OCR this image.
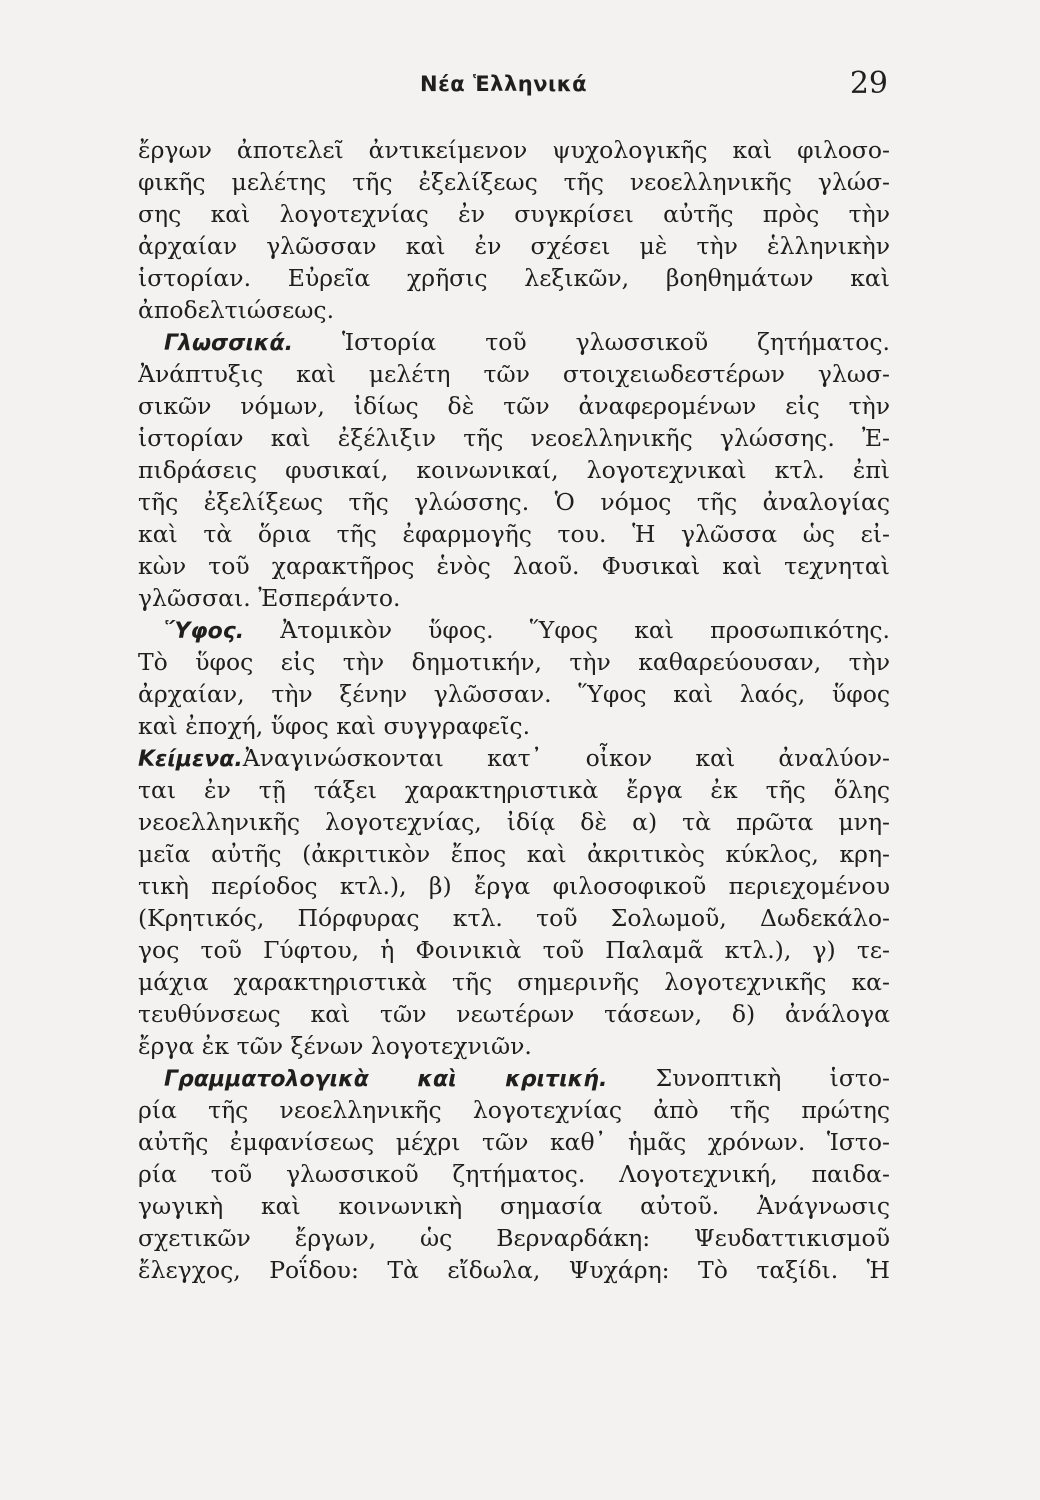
Νέα Ἑλληνικά	29
ἔργων ἀποτελεῖ ἀντικείμενον ψυχολογικῆς καὶ φιλοσο-
φικῆς μελέτης τῆς ἐξελίξεως τῆς νεοελληνικῆς γλώσ-
σης καὶ λογοτεχνίας ἐν συγκρίσει αὐτῆς πρὸς τὴν
ἀρχαίαν γλῶσσαν καὶ ἐν σχέσει μὲ τὴν ἑλληνικὴν
ἱστορίαν. Εὐρεῖα χρῆσις λεξικῶν, βοηθημάτων καὶ
ἀποδελτιώσεως.
Γλωσσικά. Ἱστορία τοῦ γλωσσικοῦ ζητήματος.
Ἀνάπτυξις καὶ μελέτη τῶν στοιχειωδεστέρων γλωσ-
σικῶν νόμων, ἰδίως δὲ τῶν ἀναφερομένων εἰς τὴν
ἱστορίαν καὶ ἐξέλιξιν τῆς νεοελληνικῆς γλώσσης. Ἐ-
πιδράσεις φυσικαί, κοινωνικαί, λογοτεχνικαὶ κτλ. ἐπὶ
τῆς ἐξελίξεως τῆς γλώσσης. Ὁ νόμος τῆς ἀναλογίας
καὶ τὰ ὅρια τῆς ἐφαρμογῆς του. Ἡ γλῶσσα ὡς εἰ-
κὼν τοῦ χαρακτῆρος ἑνὸς λαοῦ. Φυσικαὶ καὶ τεχνηταὶ
γλῶσσαι. Ἐσπεράντο.
Ὕφος. Ἀτομικὸν ὕφος. Ὕφος καὶ προσωπικότης.
Τὸ ὕφος εἰς τὴν δημοτικήν, τὴν καθαρεύουσαν, τὴν
ἀρχαίαν, τὴν ξένην γλῶσσαν. Ὕφος καὶ λαός, ὕφος
καὶ ἐποχή, ὕφος καὶ συγγραφεῖς.
Κείμενα.Ἀναγινώσκονται κατ᾽ οἶκον καὶ ἀναλύον-
ται ἐν τῇ τάξει χαρακτηριστικὰ ἔργα ἐκ τῆς ὅλης
νεοελληνικῆς λογοτεχνίας, ἰδίᾳ δὲ α) τὰ πρῶτα μνη-
μεῖα αὐτῆς (ἀκριτικὸν ἔπος καὶ ἀκριτικὸς κύκλος, κρη-
τικὴ περίοδος κτλ.), β) ἔργα φιλοσοφικοῦ περιεχομένου
(Κρητικός, Πόρφυρας κτλ. τοῦ Σολωμοῦ, Δωδεκάλο-
γος τοῦ Γύφτου, ἡ Φοινικιὰ τοῦ Παλαμᾶ κτλ.), γ) τε-
μάχια χαρακτηριστικὰ τῆς σημερινῆς λογοτεχνικῆς κα-
τευθύνσεως καὶ τῶν νεωτέρων τάσεων, δ) ἀνάλογα
ἔργα ἐκ τῶν ξένων λογοτεχνιῶν.
Γραμματολογικὰ καὶ κριτική. Συνοπτικὴ ἱστο-
ρία τῆς νεοελληνικῆς λογοτεχνίας ἀπὸ τῆς πρώτης
αὐτῆς ἐμφανίσεως μέχρι τῶν καθ᾽ ἡμᾶς χρόνων. Ἱστο-
ρία τοῦ γλωσσικοῦ ζητήματος. Λογοτεχνική, παιδα-
γωγικὴ καὶ κοινωνικὴ σημασία αὐτοῦ. Ἀνάγνωσις
σχετικῶν ἔργων, ὡς Βερναρδάκη: Ψευδαττικισμοῦ
ἔλεγχος, Ροΐδου: Τὰ εἴδωλα, Ψυχάρη: Τὸ ταξίδι. Ἡ
